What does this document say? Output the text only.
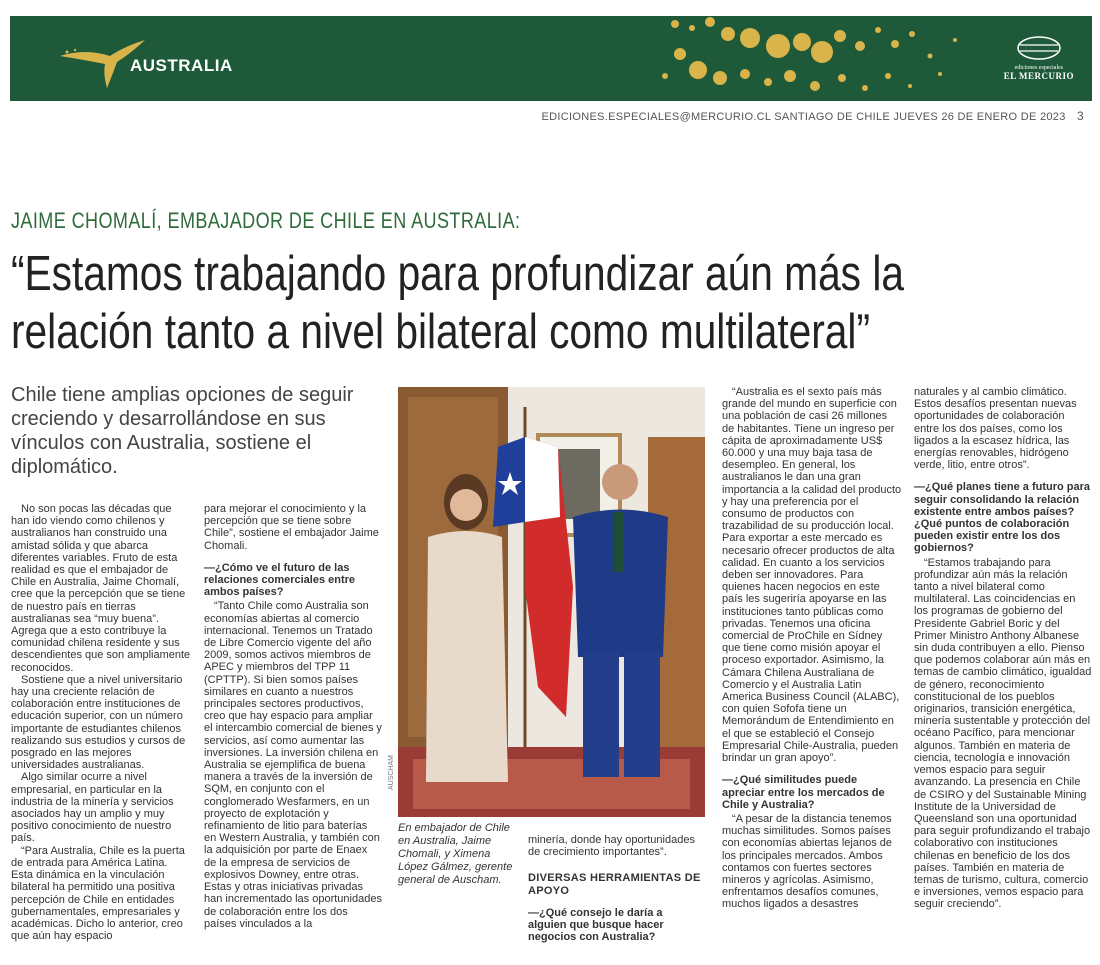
AUSTRALIA	ediciones especiales
EL MERCURIO
EDICIONES.ESPECIALES@MERCURIO.CL SANTIAGO DE CHILE JUEVES 26 DE ENERO DE 2023 3
JAIME CHOMALÍ, EMBAJADOR DE CHILE EN AUSTRALIA:
“Estamos trabajando para profundizar aún más la
relación tanto a nivel bilateral como multilateral”
Chile tiene amplias opciones de seguir creciendo y desarrollándose en sus vínculos con Australia, sostiene el diplomático.

No son pocas las décadas que han ido viendo como chilenos y australianos han construido una amistad sólida y que abarca diferentes variables. Fruto de esta realidad es que el embajador de Chile en Australia, Jaime Chomalí, cree que la percepción que se tiene de nuestro país en tierras australianas sea “muy buena”. Agrega que a esto contribuye la comunidad chilena residente y sus descendientes que son ampliamente reconocidos.

Sostiene que a nivel universitario hay una creciente relación de colaboración entre instituciones de educación superior, con un número importante de estudiantes chilenos realizando sus estudios y cursos de posgrado en las mejores universidades australianas.

Algo similar ocurre a nivel empresarial, en particular en la industria de la minería y servicios asociados hay un amplio y muy positivo conocimiento de nuestro país.

“Para Australia, Chile es la puerta de entrada para América Latina. Esta dinámica en la vinculación bilateral ha permitido una positiva percepción de Chile en entidades gubernamentales, empresariales y académicas. Dicho lo anterior, creo que aún hay espacio

para mejorar el conocimiento y la percepción que se tiene sobre Chile”, sostiene el embajador Jaime Chomali.

—¿Cómo ve el futuro de las relaciones comerciales entre ambos países?

“Tanto Chile como Australia son economías abiertas al comercio internacional. Tenemos un Tratado de Libre Comercio vigente del año 2009, somos activos miembros de APEC y miembros del TPP 11 (CPTTP). Si bien somos países similares en cuanto a nuestros principales sectores productivos, creo que hay espacio para ampliar el intercambio comercial de bienes y servicios, así como aumentar las inversiones. La inversión chilena en Australia se ejemplifica de buena manera a través de la inversión de SQM, en conjunto con el conglomerado Wesfarmers, en un proyecto de explotación y refinamiento de litio para baterías en Western Australia, y también con la adquisición por parte de Enaex de la empresa de servicios de explosivos Downey, entre otras. Estas y otras iniciativas privadas han incrementado las oportunidades de colaboración entre los dos países vinculados a la

AUSCHAM
En embajador de Chile en Australia, Jaime Chomali, y Ximena López Gálmez, gerente general de Auscham.

minería, donde hay oportunidades de crecimiento importantes”.

DIVERSAS HERRAMIENTAS DE APOYO

—¿Qué consejo le daría a alguien que busque hacer negocios con Australia?

“Australia es el sexto país más grande del mundo en superficie con una población de casi 26 millones de habitantes. Tiene un ingreso per cápita de aproximadamente US$ 60.000 y una muy baja tasa de desempleo. En general, los australianos le dan una gran importancia a la calidad del producto y hay una preferencia por el consumo de productos con trazabilidad de su producción local. Para exportar a este mercado es necesario ofrecer productos de alta calidad. En cuanto a los servicios deben ser innovadores. Para quienes hacen negocios en este país les sugeriría apoyarse en las instituciones tanto públicas como privadas. Tenemos una oficina comercial de ProChile en Sídney que tiene como misión apoyar el proceso exportador. Asimismo, la Cámara Chilena Australiana de Comercio y el Australia Latin America Business Council (ALABC), con quien Sofofa tiene un Memorándum de Entendimiento en el que se estableció el Consejo Empresarial Chile-Australia, pueden brindar un gran apoyo”.

—¿Qué similitudes puede apreciar entre los mercados de Chile y Australia?

“A pesar de la distancia tenemos muchas similitudes. Somos países con economías abiertas lejanos de los principales mercados. Ambos contamos con fuertes sectores mineros y agrícolas. Asimismo, enfrentamos desafíos comunes, muchos ligados a desastres

naturales y al cambio climático. Estos desafíos presentan nuevas oportunidades de colaboración entre los dos países, como los ligados a la escasez hídrica, las energías renovables, hidrógeno verde, litio, entre otros”.

—¿Qué planes tiene a futuro para seguir consolidando la relación existente entre ambos países? ¿Qué puntos de colaboración pueden existir entre los dos gobiernos?

“Estamos trabajando para profundizar aún más la relación tanto a nivel bilateral como multilateral. Las coincidencias en los programas de gobierno del Presidente Gabriel Boric y del Primer Ministro Anthony Albanese sin duda contribuyen a ello. Pienso que podemos colaborar aún más en temas de cambio climático, igualdad de género, reconocimiento constitucional de los pueblos originarios, transición energética, minería sustentable y protección del océano Pacífico, para mencionar algunos. También en materia de ciencia, tecnología e innovación vemos espacio para seguir avanzando. La presencia en Chile de CSIRO y del Sustainable Mining Institute de la Universidad de Queensland son una oportunidad para seguir profundizando el trabajo colaborativo con instituciones chilenas en beneficio de los dos países. También en materia de temas de turismo, cultura, comercio e inversiones, vemos espacio para seguir creciendo”.
